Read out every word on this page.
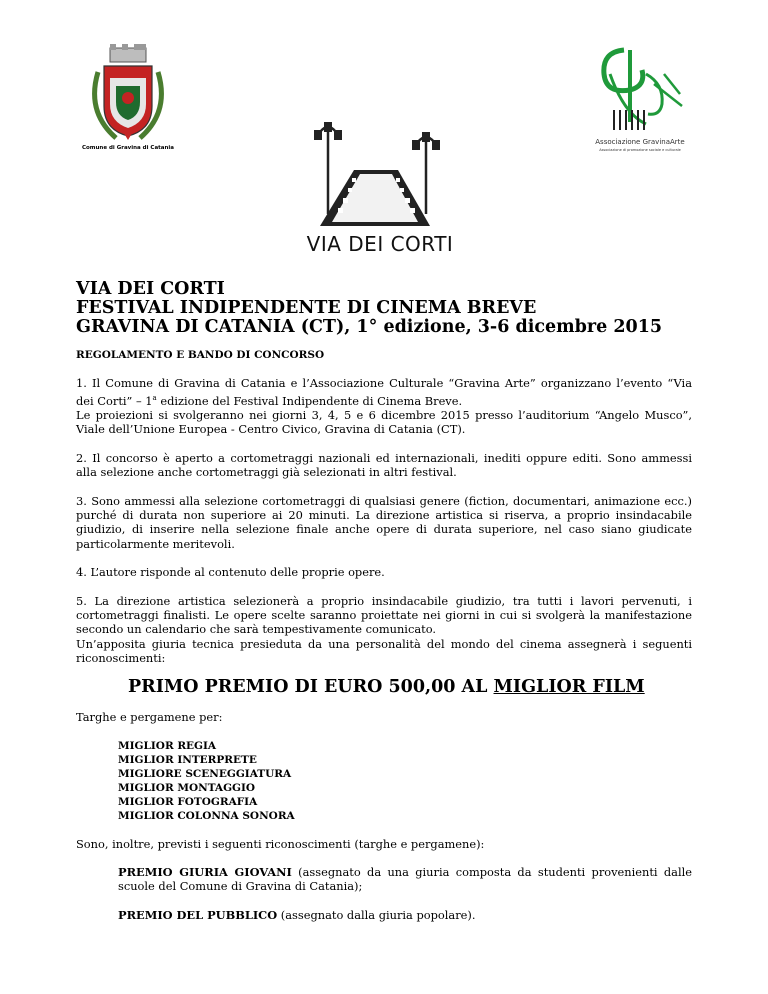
Comune di Gravina di Catania
Associazione GravinaArte
Associazione di promozione sociale e culturale
VIA DEI CORTI
VIA DEI CORTI
FESTIVAL INDIPENDENTE DI CINEMA BREVE
GRAVINA DI CATANIA (CT), 1° edizione, 3-6 dicembre 2015

REGOLAMENTO E BANDO DI CONCORSO

1. Il Comune di Gravina di Catania e l’Associazione Culturale “Gravina Arte” organizzano l’evento “Via dei Corti” – 1$^a$ edizione del Festival Indipendente di Cinema Breve.
Le proiezioni si svolgeranno nei giorni 3, 4, 5 e 6 dicembre 2015 presso l’auditorium “Angelo Musco”, Viale dell’Unione Europea - Centro Civico, Gravina di Catania (CT).

2. Il concorso è aperto a cortometraggi nazionali ed internazionali, inediti oppure editi. Sono ammessi alla selezione anche cortometraggi già selezionati in altri festival.

3. Sono ammessi alla selezione cortometraggi di qualsiasi genere (fiction, documentari, animazione ecc.) purché di durata non superiore ai 20 minuti. La direzione artistica si riserva, a proprio insindacabile giudizio, di inserire nella selezione finale anche opere di durata superiore, nel caso siano giudicate particolarmente meritevoli.

4. L’autore risponde al contenuto delle proprie opere.

5. La direzione artistica selezionerà a proprio insindacabile giudizio, tra tutti i lavori pervenuti, i cortometraggi finalisti. Le opere scelte saranno proiettate nei giorni in cui si svolgerà la manifestazione secondo un calendario che sarà tempestivamente comunicato.
Un’apposita giuria tecnica presieduta da una personalità del mondo del cinema assegnerà i seguenti riconoscimenti:

PRIMO PREMIO DI EURO 500,00 AL MIGLIOR FILM

Targhe e pergamene per:

MIGLIOR REGIA
MIGLIOR INTERPRETE
MIGLIORE SCENEGGIATURA
MIGLIOR MONTAGGIO
MIGLIOR FOTOGRAFIA
MIGLIOR COLONNA SONORA

Sono, inoltre, previsti i seguenti riconoscimenti (targhe e pergamene):

PREMIO GIURIA GIOVANI (assegnato da una giuria composta da studenti provenienti dalle scuole del Comune di Gravina di Catania);

PREMIO DEL PUBBLICO (assegnato dalla giuria popolare).
